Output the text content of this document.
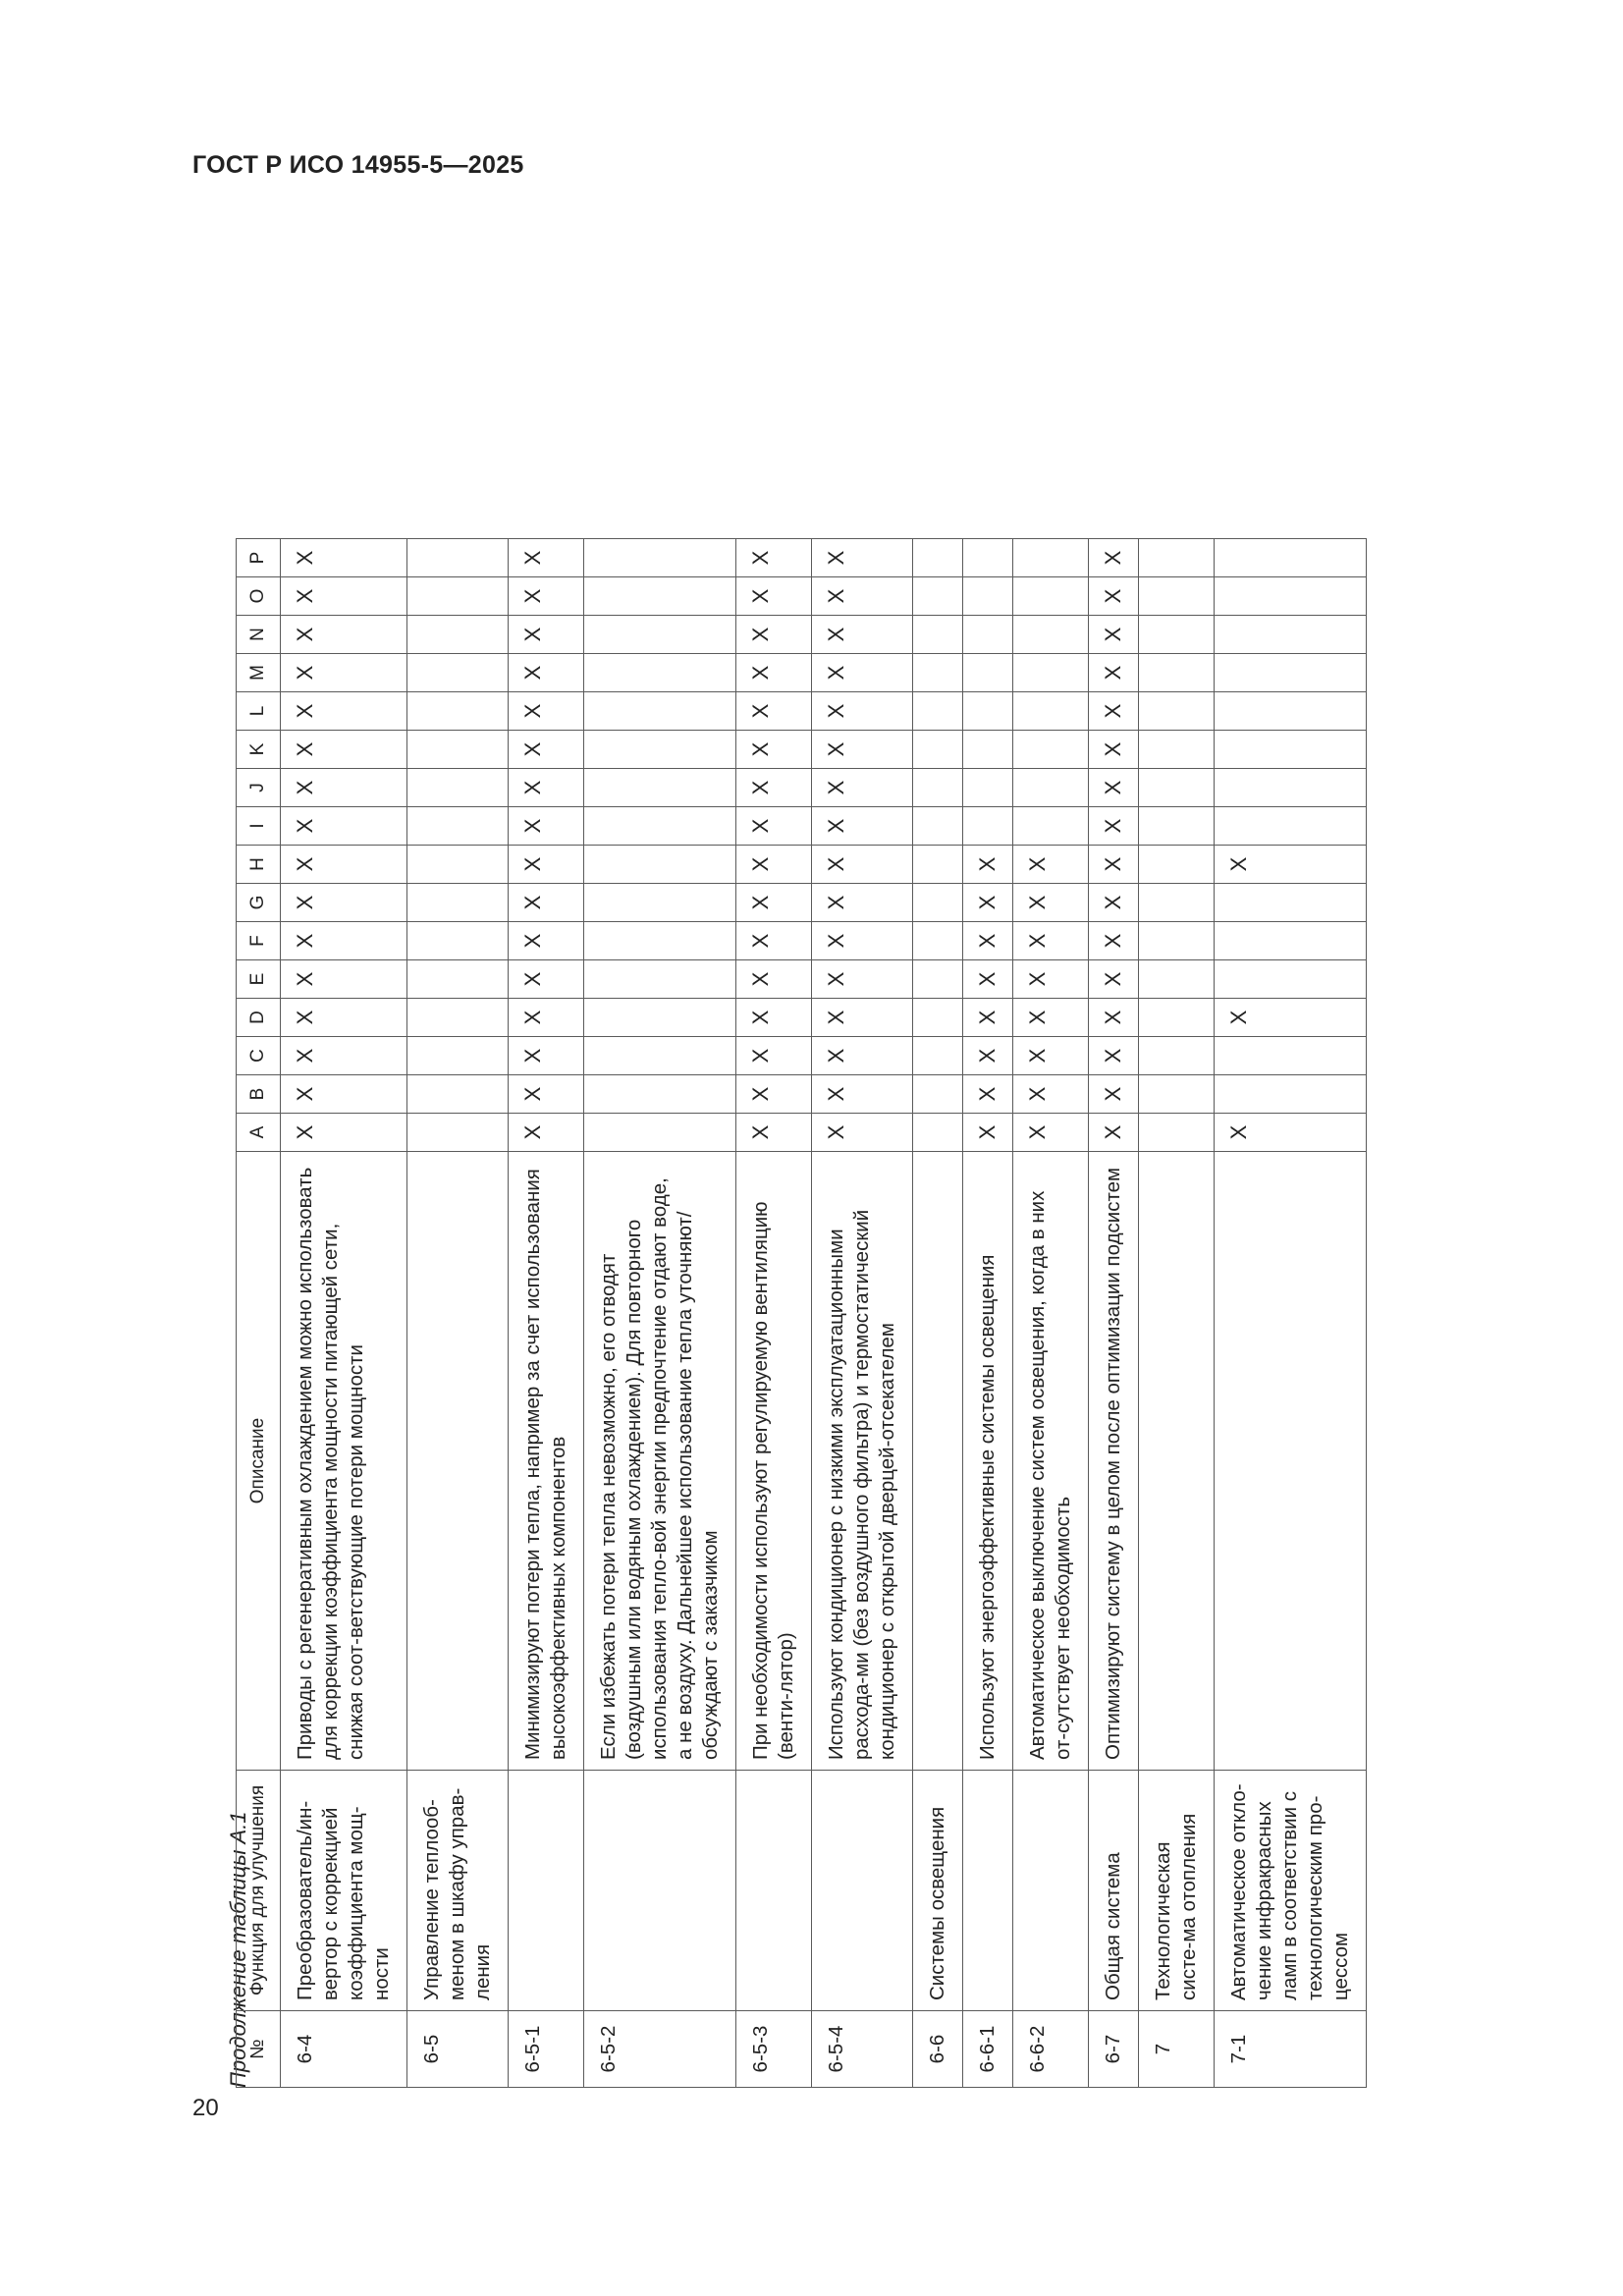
ГОСТ Р ИСО 14955-5—2025
20
Продолжение таблицы А.1
№	Функция для улучшения	Описание	A	B	C	D	E	F	G	H	I	J	K	L	M	N	O	P
6-4	Преобразователь/ин-вертор с коррекцией коэффициента мощ-ности	Приводы с регенеративным охлаждением можно использовать для коррекции коэффициента мощности питающей сети, снижая соот-ветствующие потери мощности	X	X	X	X	X	X	X	X	X	X	X	X	X	X	X	X
6-5	Управление теплооб-меном в шкафу управ-ления																	
6-5-1		Минимизируют потери тепла, например за счет использования высокоэффективных компонентов	X	X	X	X	X	X	X	X	X	X	X	X	X	X	X	X
6-5-2		Если избежать потери тепла невозможно, его отводят (воздушным или водяным охлаждением). Для повторного использования тепло-вой энергии предпочтение отдают воде, а не воздуху. Дальнейшее использование тепла уточняют/обсуждают с заказчиком																
6-5-3		При необходимости используют регулируемую вентиляцию (венти-лятор)	X	X	X	X	X	X	X	X	X	X	X	X	X	X	X	X
6-5-4		Используют кондиционер с низкими эксплуатационными расхода-ми (без воздушного фильтра) и термостатический кондиционер с открытой дверцей-отсекателем	X	X	X	X	X	X	X	X	X	X	X	X	X	X	X	X
6-6	Системы освещения																	
6-6-1		Используют энергоэффективные системы освещения	X	X	X	X	X	X	X	X								
6-6-2		Автоматическое выключение систем освещения, когда в них от-сутствует необходимость	X	X	X	X	X	X	X	X								
6-7	Общая система	Оптимизируют систему в целом после оптимизации подсистем	X	X	X	X	X	X	X	X	X	X	X	X	X	X	X	X
7	Технологическая систе-ма отопления																	
7-1	Автоматическое откло-чение инфракрасных ламп в соответствии с технологическим про-цессом		X			X				X								
